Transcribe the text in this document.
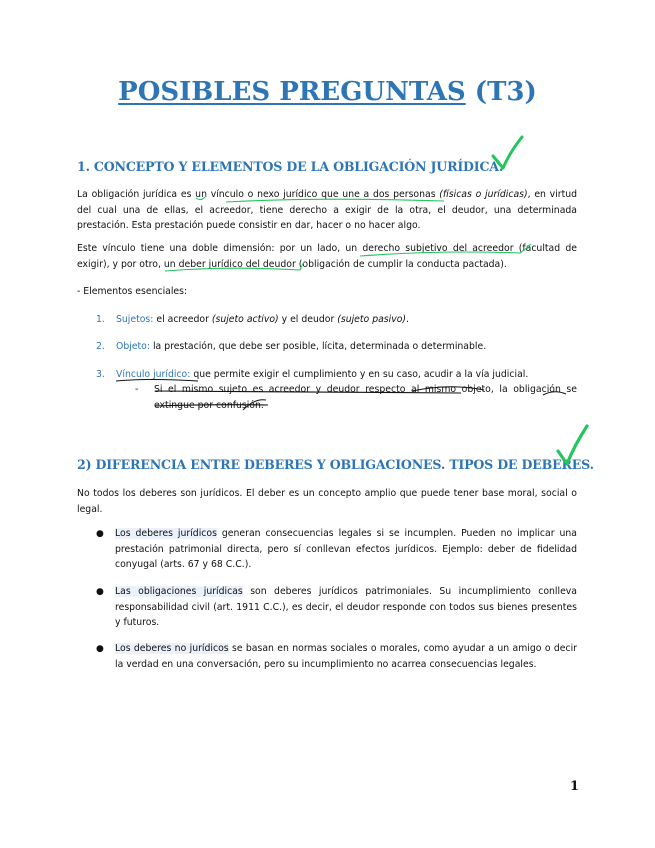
POSIBLES PREGUNTAS (T3)
1. CONCEPTO Y ELEMENTOS DE LA OBLIGACIÓN JURÍDICA.
La obligación jurídica es un vínculo o nexo jurídico que une a dos personas (físicas o jurídicas), en virtud del cual una de ellas, el acreedor, tiene derecho a exigir de la otra, el deudor, una determinada prestación. Esta prestación puede consistir en dar, hacer o no hacer algo.
Este vínculo tiene una doble dimensión: por un lado, un derecho subjetivo del acreedor (facultad de exigir), y por otro, un deber jurídico del deudor (obligación de cumplir la conducta pactada).
- Elementos esenciales:
1. Sujetos: el acreedor (sujeto activo) y el deudor (sujeto pasivo).
2. Objeto: la prestación, que debe ser posible, lícita, determinada o determinable.
3. Vínculo jurídico: que permite exigir el cumplimiento y en su caso, acudir a la vía judicial.
- Si el mismo sujeto es acreedor y deudor respecto al mismo objeto, la obligación se extingue por confusión.
2) DIFERENCIA ENTRE DEBERES Y OBLIGACIONES. TIPOS DE DEBERES.
No todos los deberes son jurídicos. El deber es un concepto amplio que puede tener base moral, social o legal.
● Los deberes jurídicos generan consecuencias legales si se incumplen. Pueden no implicar una prestación patrimonial directa, pero sí conllevan efectos jurídicos. Ejemplo: deber de fidelidad conyugal (arts. 67 y 68 C.C.).
● Las obligaciones jurídicas son deberes jurídicos patrimoniales. Su incumplimiento conlleva responsabilidad civil (art. 1911 C.C.), es decir, el deudor responde con todos sus bienes presentes y futuros.
● Los deberes no jurídicos se basan en normas sociales o morales, como ayudar a un amigo o decir la verdad en una conversación, pero su incumplimiento no acarrea consecuencias legales.
1
